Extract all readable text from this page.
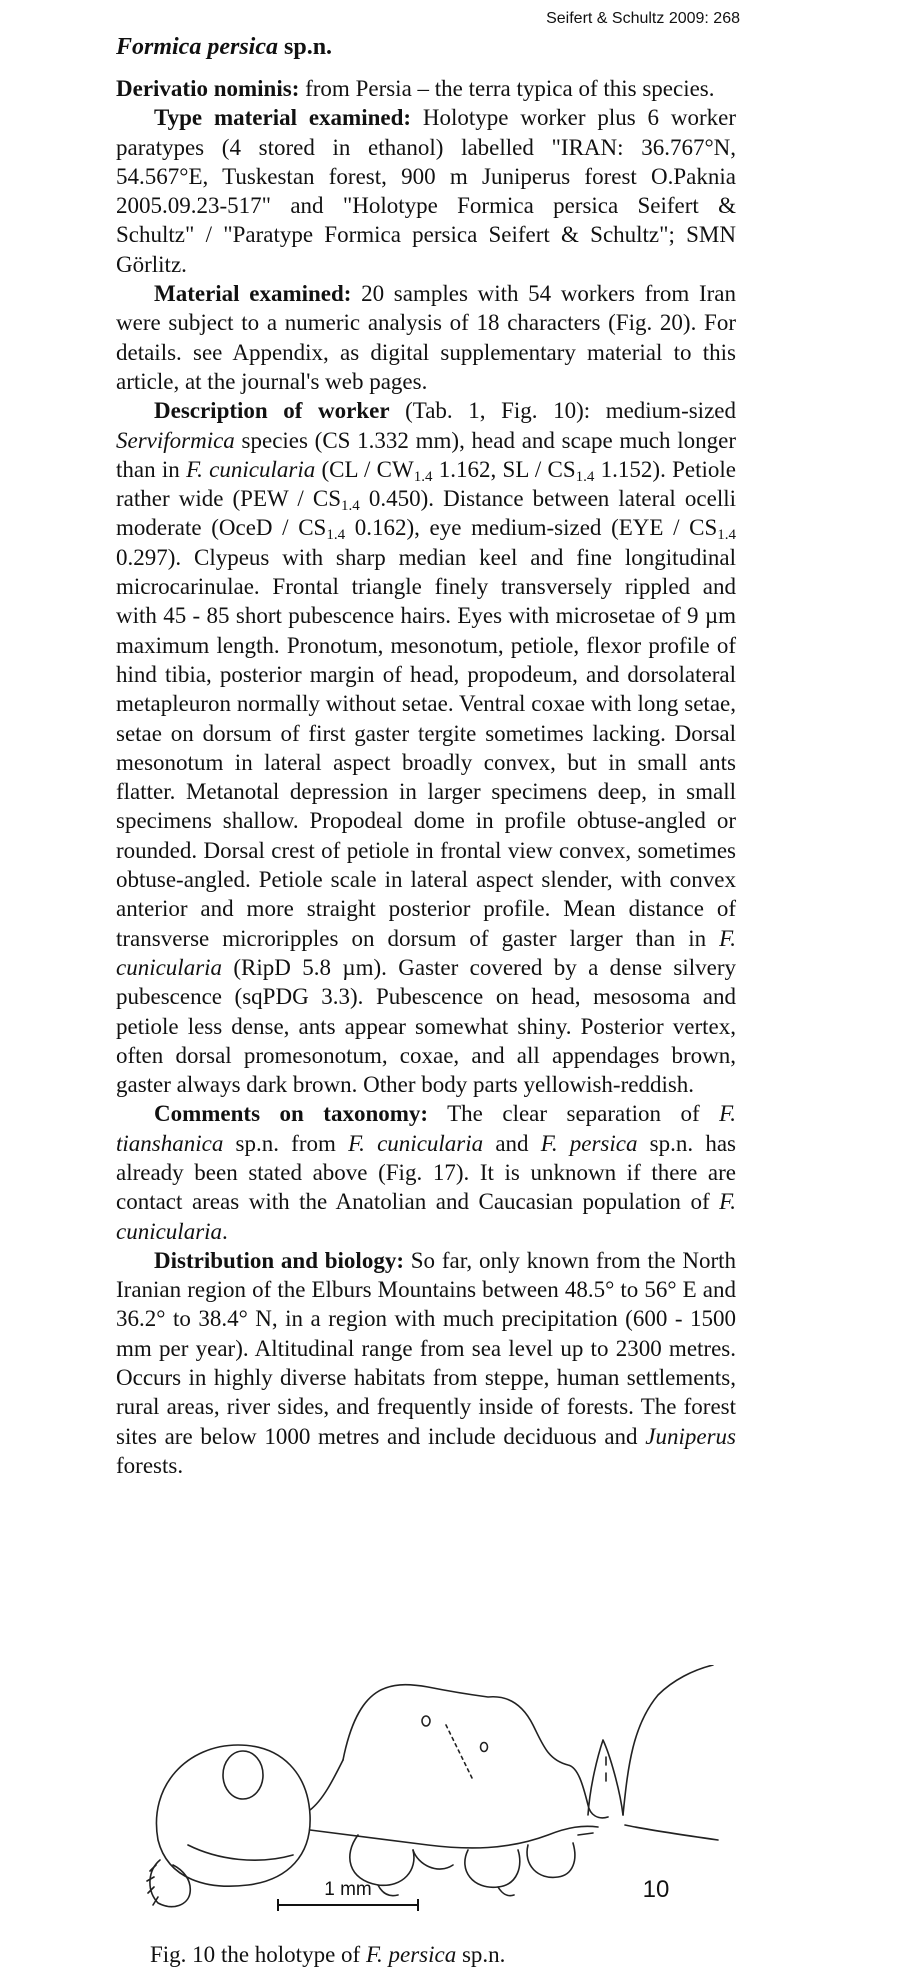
Seifert & Schultz 2009: 268
Formica persica sp.n.

Derivatio nominis: from Persia – the terra typica of this species.

Type material examined: Holotype worker plus 6 worker paratypes (4 stored in ethanol) labelled "IRAN: 36.767°N, 54.567°E, Tuskestan forest, 900 m Juniperus forest O.Paknia 2005.09.23-517" and "Holotype Formica persica Seifert & Schultz" / "Paratype Formica persica Seifert & Schultz"; SMN Görlitz.

Material examined: 20 samples with 54 workers from Iran were subject to a numeric analysis of 18 characters (Fig. 20). For details. see Appendix, as digital supplementary material to this article, at the journal's web pages.

Description of worker (Tab. 1, Fig. 10): medium-sized Serviformica species (CS 1.332 mm), head and scape much longer than in F. cunicularia ($CL / CW_{1.4}$ 1.162, SL / $CS_{1.4}$ 1.152). Petiole rather wide ($PEW / CS_{1.4}$ 0.450). Distance between lateral ocelli moderate (OceD / $CS_{1.4}$ 0.162), eye medium-sized ($EYE / CS_{1.4}$ 0.297). Clypeus with sharp median keel and fine longitudinal microcarinulae. Frontal triangle finely transversely rippled and with 45 - 85 short pubescence hairs. Eyes with microsetae of 9 µm maximum length. Pronotum, mesonotum, petiole, flexor profile of hind tibia, posterior margin of head, propodeum, and dorsolateral metapleuron normally without setae. Ventral coxae with long setae, setae on dorsum of first gaster tergite sometimes lacking. Dorsal mesonotum in lateral aspect broadly convex, but in small ants flatter. Metanotal depression in larger specimens deep, in small specimens shallow. Propodeal dome in profile obtuse-angled or rounded. Dorsal crest of petiole in frontal view convex, sometimes obtuse-angled. Petiole scale in lateral aspect slender, with convex anterior and more straight posterior profile. Mean distance of transverse microripples on dorsum of gaster larger than in F. cunicularia (RipD 5.8 µm). Gaster covered by a dense silvery pubescence (sqPDG 3.3). Pubescence on head, mesosoma and petiole less dense, ants appear somewhat shiny. Posterior vertex, often dorsal promesonotum, coxae, and all appendages brown, gaster always dark brown. Other body parts yellowish-reddish.

Comments on taxonomy: The clear separation of F. tianshanica sp.n. from F. cunicularia and F. persica sp.n. has already been stated above (Fig. 17). It is unknown if there are contact areas with the Anatolian and Caucasian population of F. cunicularia.

Distribution and biology: So far, only known from the North Iranian region of the Elburs Mountains between 48.5° to 56° E and 36.2° to 38.4° N, in a region with much precipitation (600 - 1500 mm per year). Altitudinal range from sea level up to 2300 metres. Occurs in highly diverse habitats from steppe, human settlements, rural areas, river sides, and frequently inside of forests. The forest sites are below 1000 metres and include deciduous and Juniperus forests.

1 mm	10
Fig. 10 the holotype of F. persica sp.n.
